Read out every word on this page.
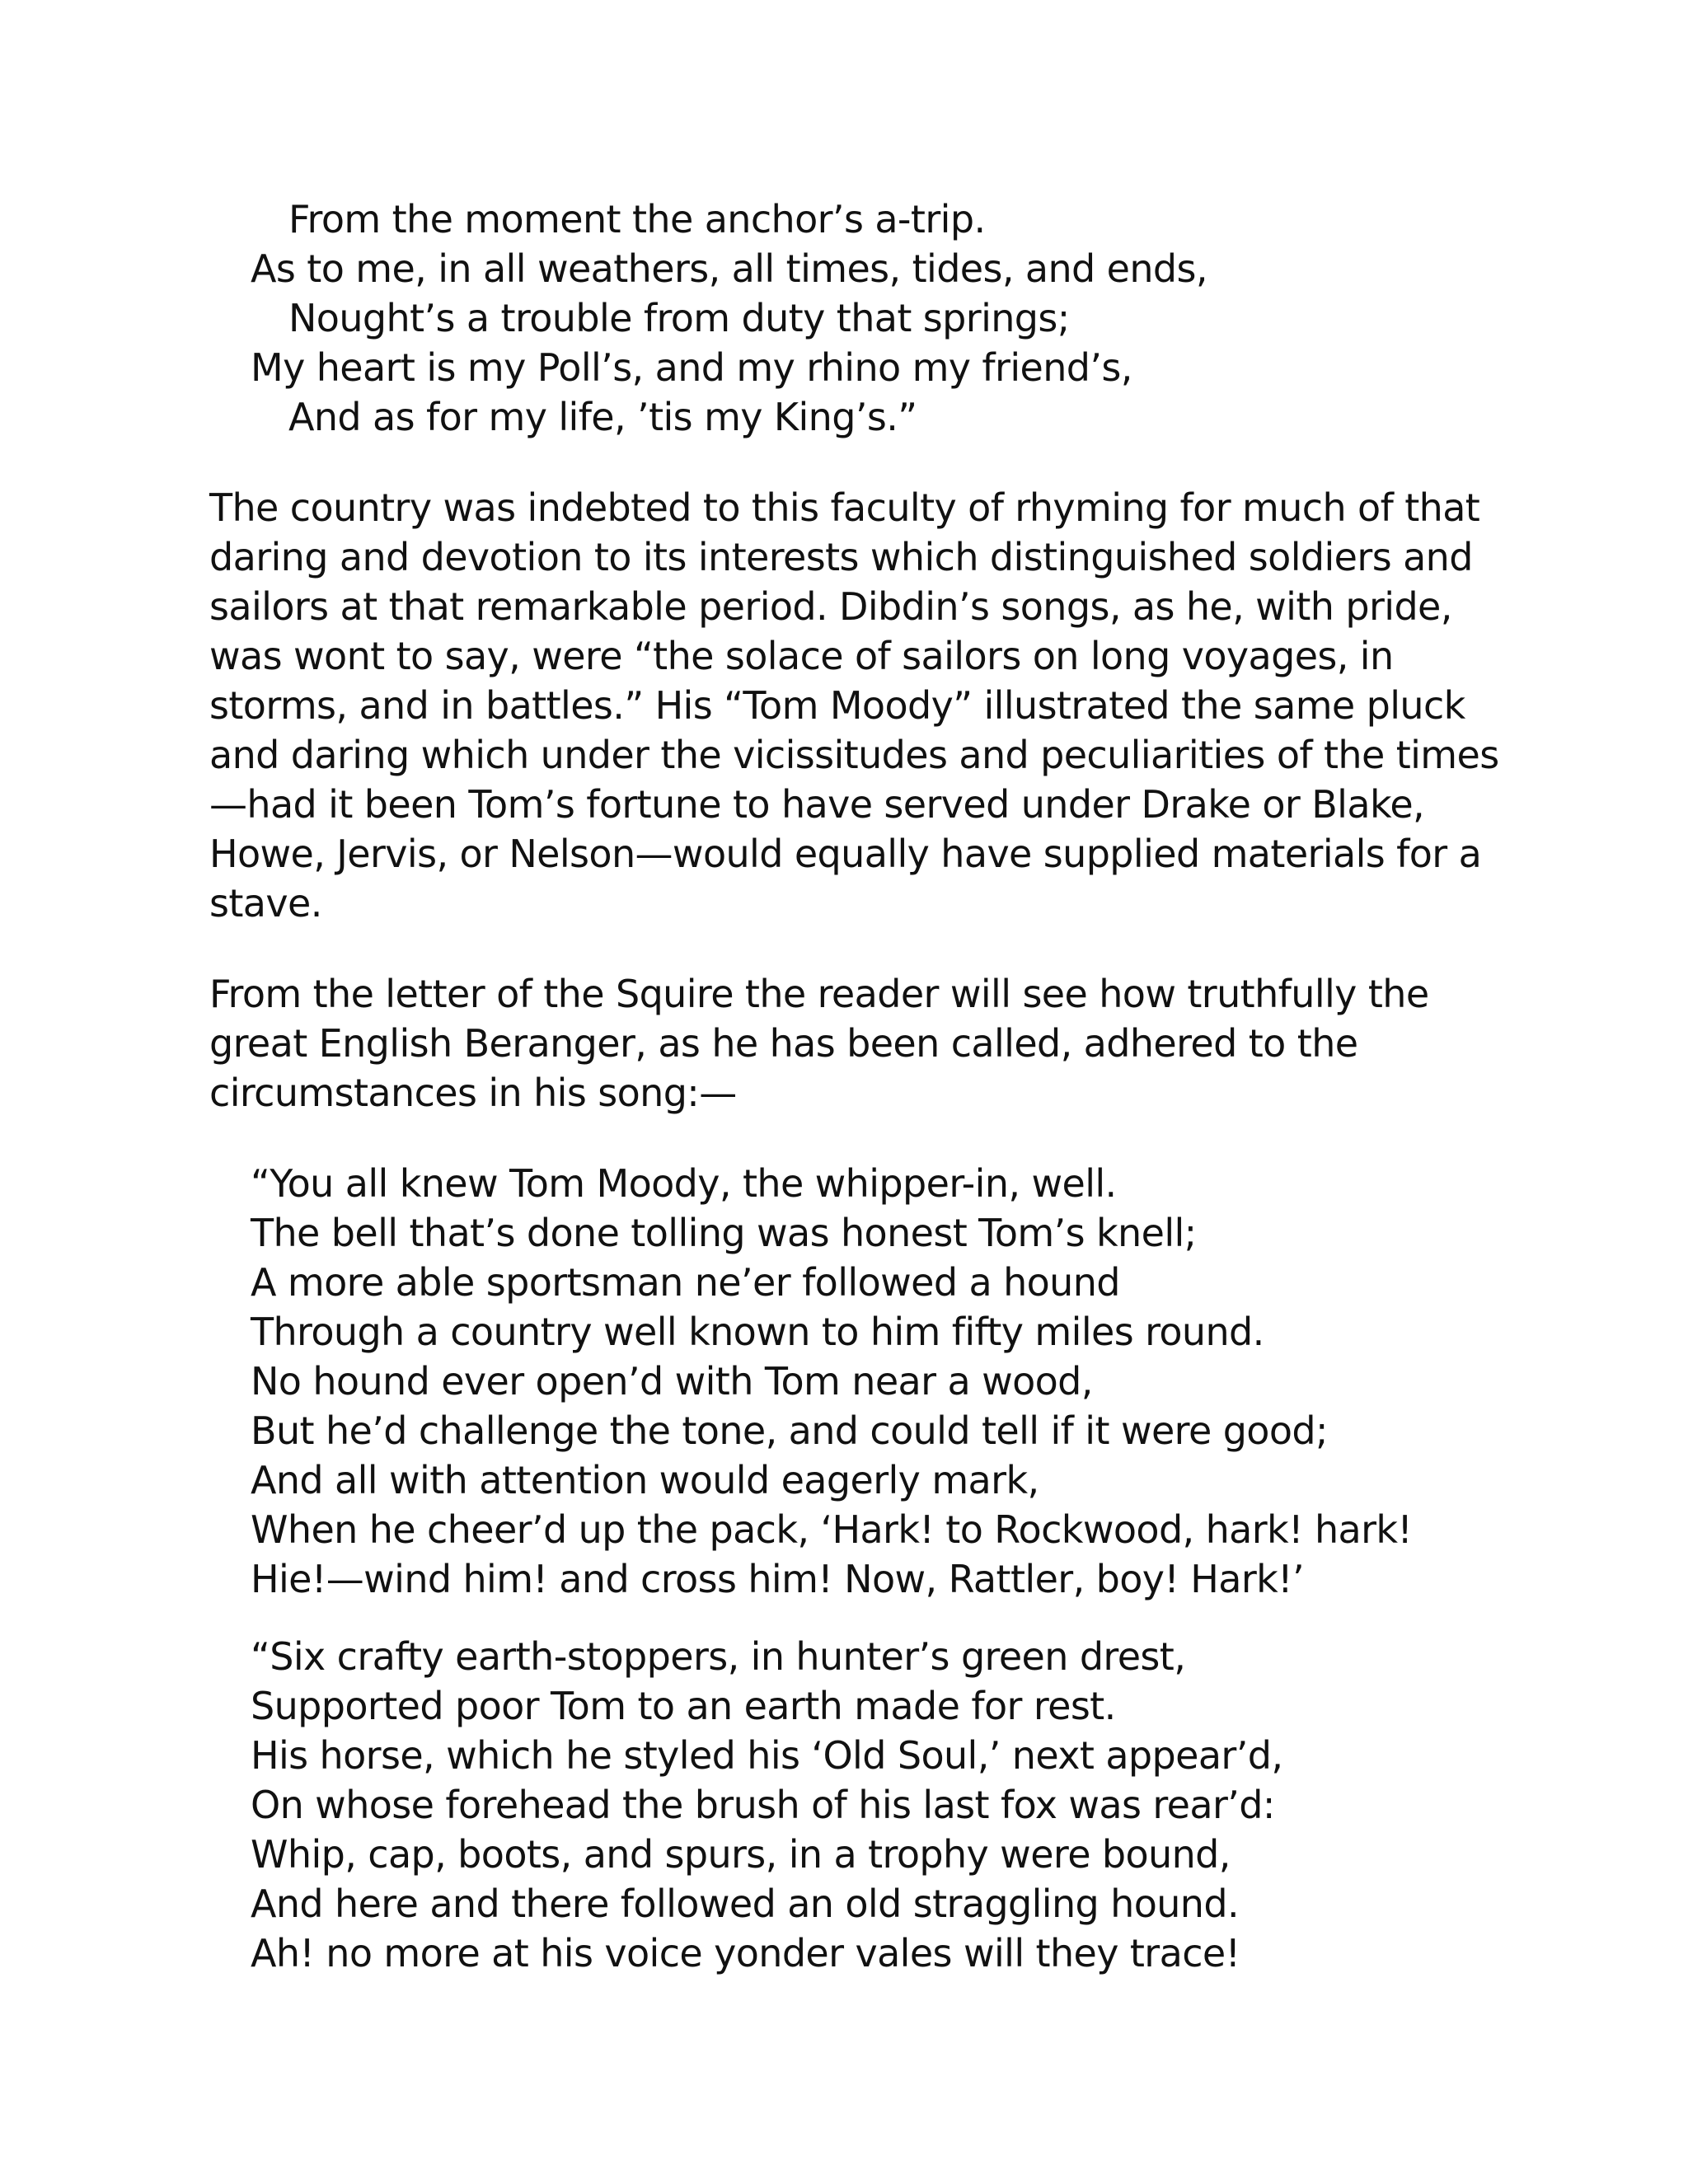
From the moment the anchor’s a-trip.
As to me, in all weathers, all times, tides, and ends,
Nought’s a trouble from duty that springs;
My heart is my Poll’s, and my rhino my friend’s,
And as for my life, ’tis my King’s.”
The country was indebted to this faculty of rhyming for much of that
daring and devotion to its interests which distinguished soldiers and
sailors at that remarkable period. Dibdin’s songs, as he, with pride,
was wont to say, were “the solace of sailors on long voyages, in
storms, and in battles.” His “Tom Moody” illustrated the same pluck
and daring which under the vicissitudes and peculiarities of the times
—had it been Tom’s fortune to have served under Drake or Blake,
Howe, Jervis, or Nelson—would equally have supplied materials for a
stave.
From the letter of the Squire the reader will see how truthfully the
great English Beranger, as he has been called, adhered to the
circumstances in his song:—
“You all knew Tom Moody, the whipper-in, well.
The bell that’s done tolling was honest Tom’s knell;
A more able sportsman ne’er followed a hound
Through a country well known to him fifty miles round.
No hound ever open’d with Tom near a wood,
But he’d challenge the tone, and could tell if it were good;
And all with attention would eagerly mark,
When he cheer’d up the pack, ‘Hark! to Rockwood, hark! hark!
Hie!—wind him! and cross him! Now, Rattler, boy! Hark!’
“Six crafty earth-stoppers, in hunter’s green drest,
Supported poor Tom to an earth made for rest.
His horse, which he styled his ‘Old Soul,’ next appear’d,
On whose forehead the brush of his last fox was rear’d:
Whip, cap, boots, and spurs, in a trophy were bound,
And here and there followed an old straggling hound.
Ah! no more at his voice yonder vales will they trace!
